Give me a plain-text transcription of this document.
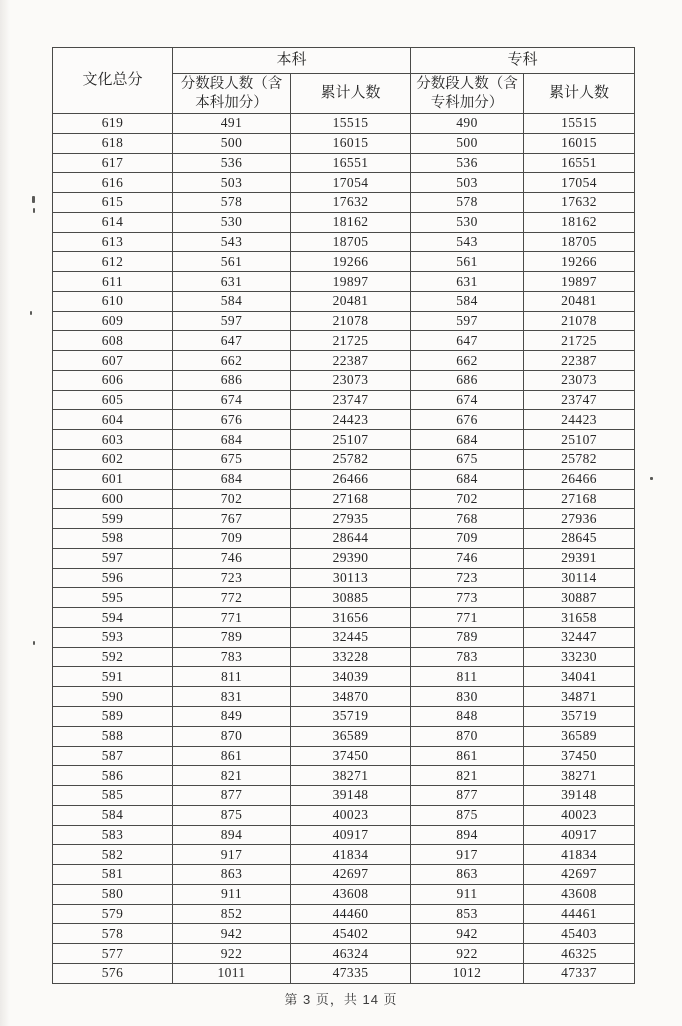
文化总分	本科		专科	
	分数段人数（含本科加分）	累计人数	分数段人数（含专科加分）	累计人数
619	491	15515	490	15515
618	500	16015	500	16015
617	536	16551	536	16551
616	503	17054	503	17054
615	578	17632	578	17632
614	530	18162	530	18162
613	543	18705	543	18705
612	561	19266	561	19266
611	631	19897	631	19897
610	584	20481	584	20481
609	597	21078	597	21078
608	647	21725	647	21725
607	662	22387	662	22387
606	686	23073	686	23073
605	674	23747	674	23747
604	676	24423	676	24423
603	684	25107	684	25107
602	675	25782	675	25782
601	684	26466	684	26466
600	702	27168	702	27168
599	767	27935	768	27936
598	709	28644	709	28645
597	746	29390	746	29391
596	723	30113	723	30114
595	772	30885	773	30887
594	771	31656	771	31658
593	789	32445	789	32447
592	783	33228	783	33230
591	811	34039	811	34041
590	831	34870	830	34871
589	849	35719	848	35719
588	870	36589	870	36589
587	861	37450	861	37450
586	821	38271	821	38271
585	877	39148	877	39148
584	875	40023	875	40023
583	894	40917	894	40917
582	917	41834	917	41834
581	863	42697	863	42697
580	911	43608	911	43608
579	852	44460	853	44461
578	942	45402	942	45403
577	922	46324	922	46325
576	1011	47335	1012	47337
第 3 页，共 14 页
